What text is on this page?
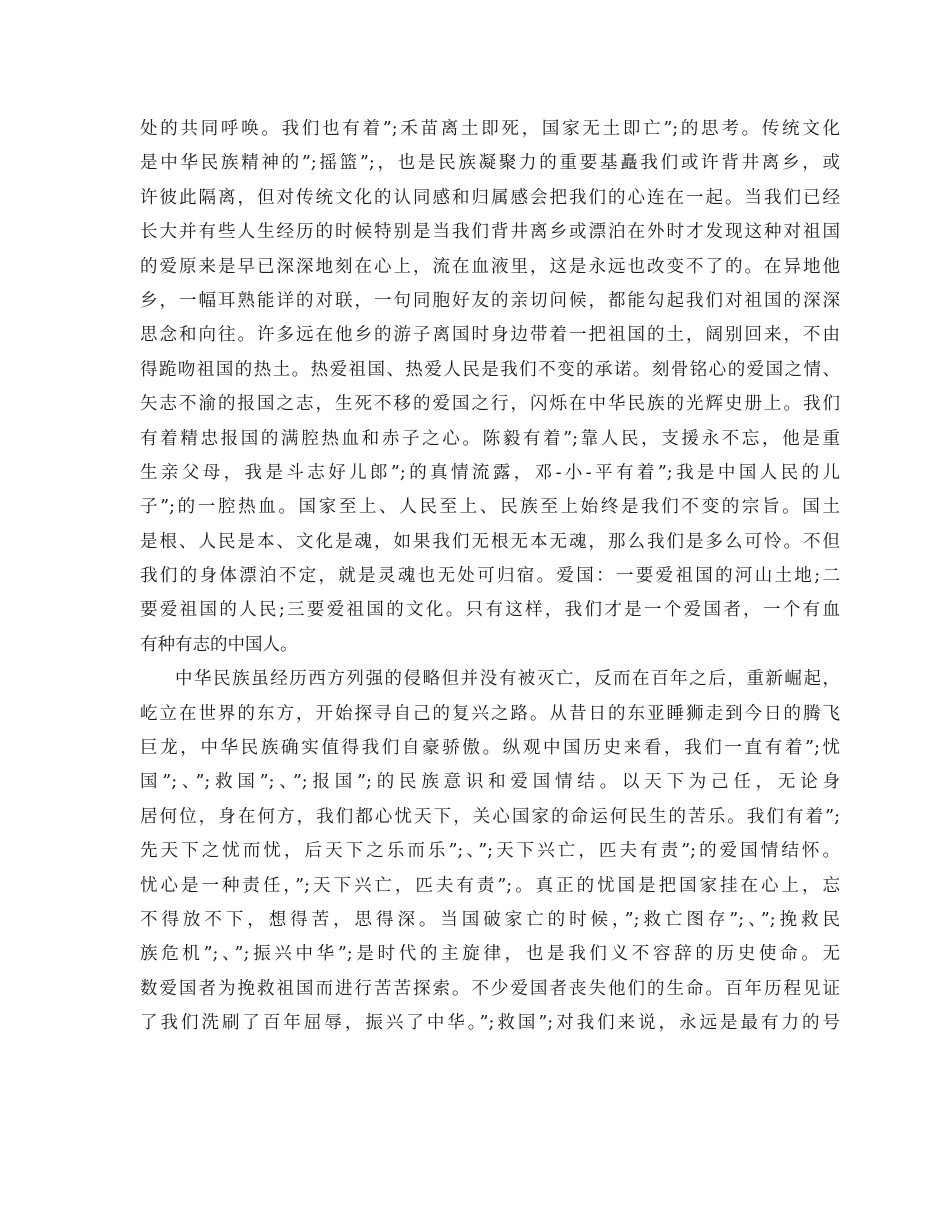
处的共同呼唤。我们也有着”;禾苗离土即死，国家无土即亡”;的思考。传统文化
是中华民族精神的”;摇篮”;，也是民族凝聚力的重要基矗我们或许背井离乡，或
许彼此隔离，但对传统文化的认同感和归属感会把我们的心连在一起。当我们已经
长大并有些人生经历的时候特别是当我们背井离乡或漂泊在外时才发现这种对祖国
的爱原来是早已深深地刻在心上，流在血液里，这是永远也改变不了的。在异地他
乡，一幅耳熟能详的对联，一句同胞好友的亲切问候，都能勾起我们对祖国的深深
思念和向往。许多远在他乡的游子离国时身边带着一把祖国的土，阔别回来，不由
得跪吻祖国的热土。热爱祖国、热爱人民是我们不变的承诺。刻骨铭心的爱国之情、
矢志不渝的报国之志，生死不移的爱国之行，闪烁在中华民族的光辉史册上。我们
有着精忠报国的满腔热血和赤子之心。陈毅有着”;靠人民，支援永不忘，他是重
生亲父母，我是斗志好儿郎”;的真情流露，邓-小-平有着”;我是中国人民的儿
子”;的一腔热血。国家至上、人民至上、民族至上始终是我们不变的宗旨。国土
是根、人民是本、文化是魂，如果我们无根无本无魂，那么我们是多么可怜。不但
我们的身体漂泊不定，就是灵魂也无处可归宿。爱国：一要爱祖国的河山土地;二
要爱祖国的人民;三要爱祖国的文化。只有这样，我们才是一个爱国者，一个有血
有种有志的中国人。
中华民族虽经历西方列强的侵略但并没有被灭亡，反而在百年之后，重新崛起，
屹立在世界的东方，开始探寻自己的复兴之路。从昔日的东亚睡狮走到今日的腾飞
巨龙，中华民族确实值得我们自豪骄傲。纵观中国历史来看，我们一直有着”;忧
国”;、”;救国”;、”;报国”;的民族意识和爱国情结。以天下为己任，无论身
居何位，身在何方，我们都心忧天下，关心国家的命运何民生的苦乐。我们有着”;
先天下之忧而忧，后天下之乐而乐”;、”;天下兴亡，匹夫有责”;的爱国情结怀。
忧心是一种责任，”;天下兴亡，匹夫有责”;。真正的忧国是把国家挂在心上，忘
不得放不下，想得苦，思得深。当国破家亡的时候，”;救亡图存”;、”;挽救民
族危机”;、”;振兴中华”;是时代的主旋律，也是我们义不容辞的历史使命。无
数爱国者为挽救祖国而进行苦苦探索。不少爱国者丧失他们的生命。百年历程见证
了我们洗刷了百年屈辱，振兴了中华。”;救国”;对我们来说，永远是最有力的号
